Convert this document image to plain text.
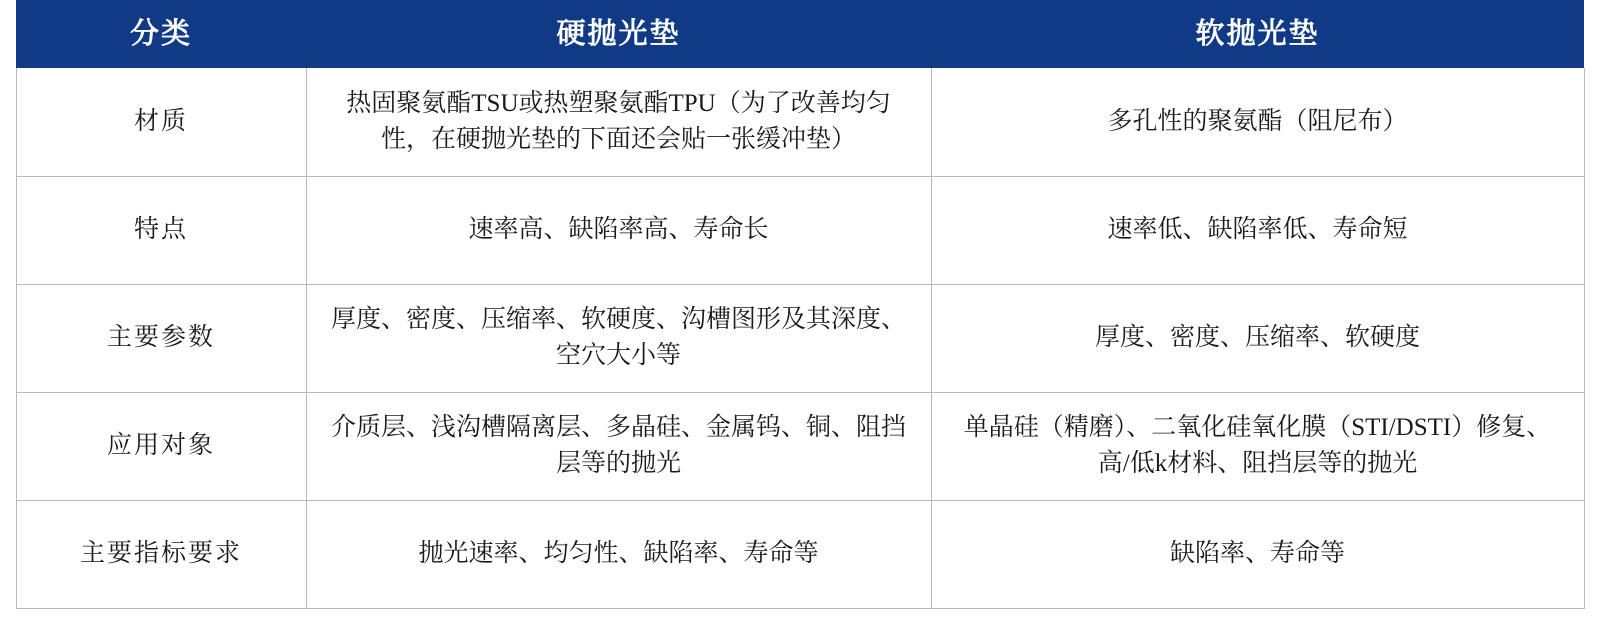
分类	硬抛光垫	软抛光垫
材质	热固聚氨酯TSU或热塑聚氨酯TPU（为了改善均匀性，在硬抛光垫的下面还会贴一张缓冲垫）	多孔性的聚氨酯（阻尼布）
特点	速率高、缺陷率高、寿命长	速率低、缺陷率低、寿命短
主要参数	厚度、密度、压缩率、软硬度、沟槽图形及其深度、空穴大小等	厚度、密度、压缩率、软硬度
应用对象	介质层、浅沟槽隔离层、多晶硅、金属钨、铜、阻挡层等的抛光	单晶硅（精磨）、二氧化硅氧化膜（STI/DSTI）修复、高/低k材料、阻挡层等的抛光
主要指标要求	抛光速率、均匀性、缺陷率、寿命等	缺陷率、寿命等
